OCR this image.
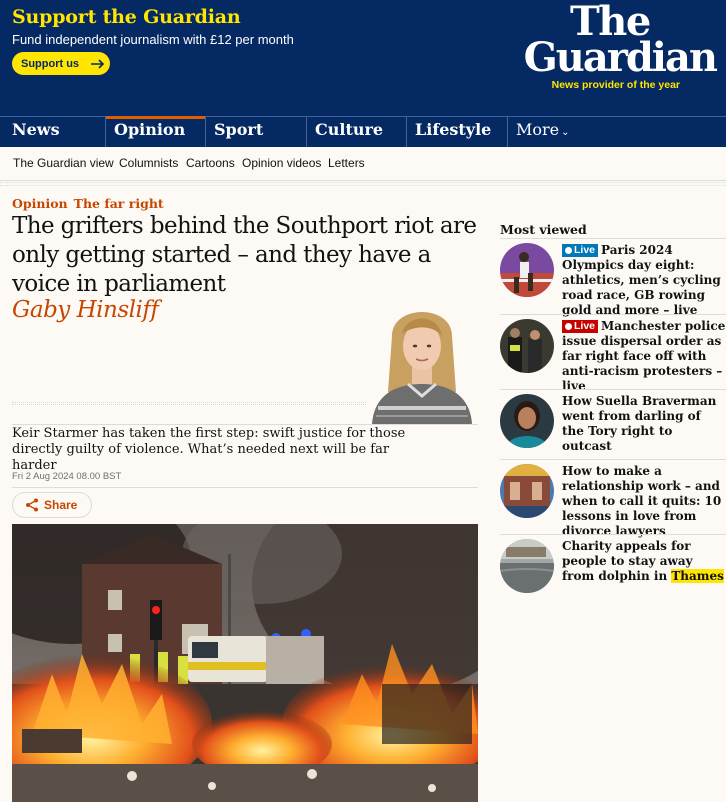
Support the Guardian
Fund independent journalism with £12 per month
Support us
The
Guardian
News provider of the year
News	Opinion	Sport	Culture	Lifestyle	More ⌄
The Guardian view Columnists Cartoons Opinion videos Letters
Opinion The far right
The grifters behind the Southport riot are only getting started – and they have a voice in parliament
Gaby Hinsliff

Keir Starmer has taken the first step: swift justice for those directly guilty of violence. What’s needed next will be far harder

Fri 2 Aug 2024 08.00 BST
Share
Most viewed
Live Paris 2024 Olympics day eight: athletics, men’s cycling road race, GB rowing gold and more – live
Live Manchester police issue dispersal order as far right face off with anti-racism protesters – live
How Suella Braverman went from darling of the Tory right to outcast
How to make a relationship work – and when to call it quits: 10 lessons in love from divorce lawyers
Charity appeals for people to stay away from dolphin in Thames
